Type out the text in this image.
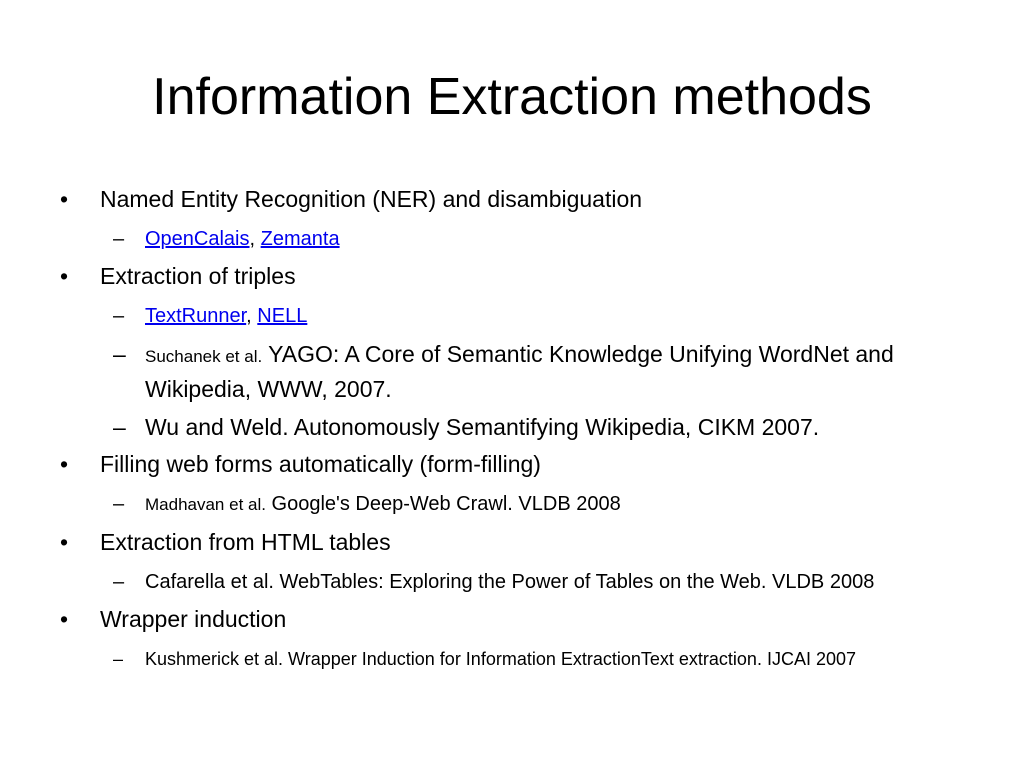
Information Extraction methods
•	Named Entity Recognition (NER) and disambiguation
– OpenCalais, Zemanta
•	Extraction of triples
– TextRunner, NELL
– Suchanek et al. YAGO: A Core of Semantic Knowledge Unifying WordNet and Wikipedia, WWW, 2007.
– Wu and Weld. Autonomously Semantifying Wikipedia, CIKM 2007.
•	Filling web forms automatically (form-filling)
– Madhavan et al. Google's Deep-Web Crawl. VLDB 2008
•	Extraction from HTML tables
– Cafarella et al. WebTables: Exploring the Power of Tables on the Web. VLDB 2008
•	Wrapper induction
– Kushmerick et al. Wrapper Induction for Information ExtractionText extraction. IJCAI 2007
